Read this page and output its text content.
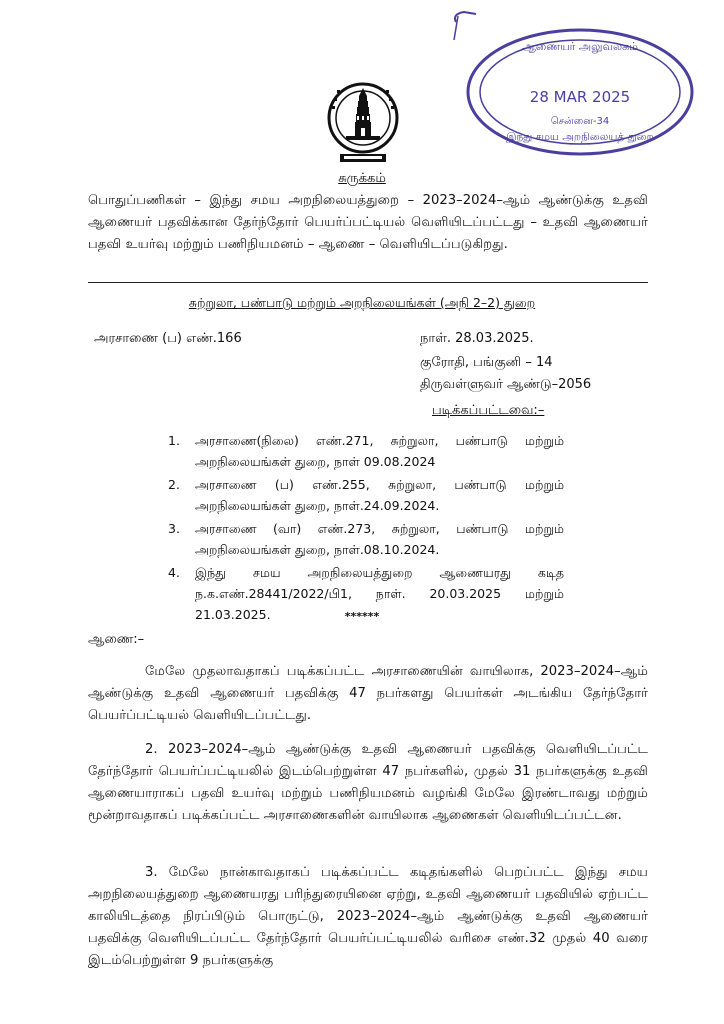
ஆணையர் அலுவலகம்
28 MAR 2025
சென்னை-34
இந்து சமய அறநிலையத் துறை
சுருக்கம்
பொதுப்பணிகள் – இந்து சமய அறநிலையத்துறை – 2023–2024–ஆம் ஆண்டுக்கு உதவி ஆணையர் பதவிக்கான தேர்ந்தோர் பெயர்ப்பட்டியல் வெளியிடப்பட்டது – உதவி ஆணையர் பதவி உயர்வு மற்றும் பணிநியமனம் – ஆணை – வெளியிடப்படுகிறது.
சுற்றுலா, பண்பாடு மற்றும் அறநிலையங்கள் (அநி 2–2) துறை
அரசாணை (ப) எண்.166	நாள். 28.03.2025.
குரோதி, பங்குனி – 14
திருவள்ளுவர் ஆண்டு–2056
படிக்கப்பட்டவை:–
1.	அரசாணை(நிலை) எண்.271, சுற்றுலா, பண்பாடு மற்றும் அறநிலையங்கள் துறை, நாள் 09.08.2024
2.	அரசாணை (ப) எண்.255, சுற்றுலா, பண்பாடு மற்றும் அறநிலையங்கள் துறை, நாள்.24.09.2024.
3.	அரசாணை (வா) எண்.273, சுற்றுலா, பண்பாடு மற்றும் அறநிலையங்கள் துறை, நாள்.08.10.2024.
4.	இந்து சமய அறநிலையத்துறை ஆணையரது கடித ந.க.எண்.28441/2022/பி1, நாள். 20.03.2025 மற்றும் 21.03.2025.	******
ஆணை:–
மேலே முதலாவதாகப் படிக்கப்பட்ட அரசாணையின் வாயிலாக, 2023–2024–ஆம் ஆண்டுக்கு உதவி ஆணையர் பதவிக்கு 47 நபர்களது பெயர்கள் அடங்கிய தேர்ந்தோர் பெயர்ப்பட்டியல் வெளியிடப்பட்டது.
2. 2023–2024–ஆம் ஆண்டுக்கு உதவி ஆணையர் பதவிக்கு வெளியிடப்பட்ட தேர்ந்தோர் பெயர்ப்பட்டியலில் இடம்பெற்றுள்ள 47 நபர்களில், முதல் 31 நபர்களுக்கு உதவி ஆணையாராகப் பதவி உயர்வு மற்றும் பணிநியமனம் வழங்கி மேலே இரண்டாவது மற்றும் மூன்றாவதாகப் படிக்கப்பட்ட அரசாணைகளின் வாயிலாக ஆணைகள் வெளியிடப்பட்டன.
3. மேலே நான்காவதாகப் படிக்கப்பட்ட கடிதங்களில் பெறப்பட்ட இந்து சமய அறநிலையத்துறை ஆணையரது பரிந்துரையினை ஏற்று, உதவி ஆணையர் பதவியில் ஏற்பட்ட காலியிடத்தை நிரப்பிடும் பொருட்டு, 2023–2024–ஆம் ஆண்டுக்கு உதவி ஆணையர் பதவிக்கு வெளியிடப்பட்ட தேர்ந்தோர் பெயர்ப்பட்டியலில் வரிசை எண்.32 முதல் 40 வரை இடம்பெற்றுள்ள 9 நபர்களுக்கு
